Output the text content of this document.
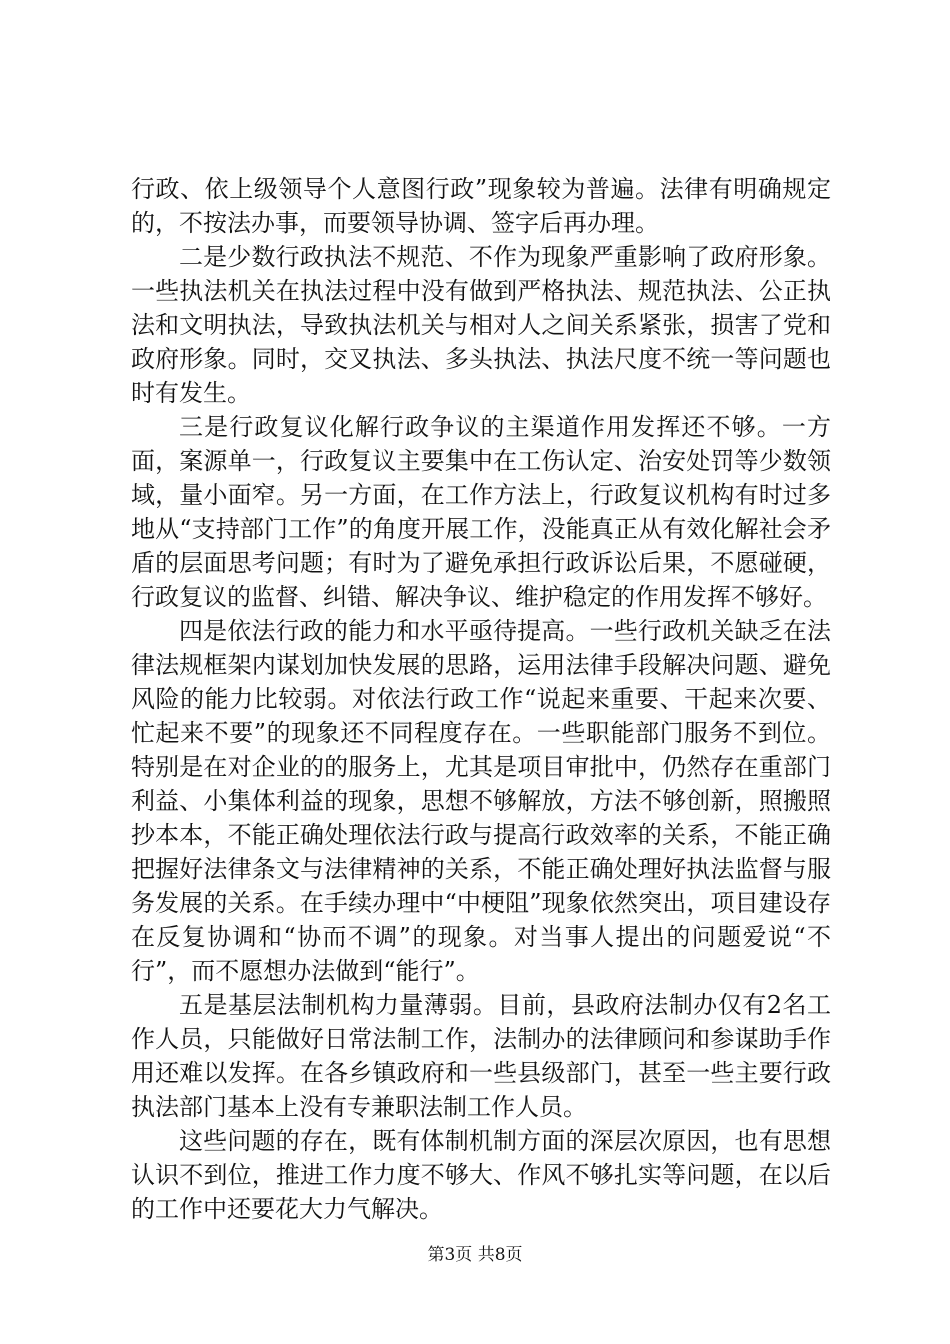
行政、依上级领导个人意图行政”现象较为普遍。法律有明确规定的，不按法办事，而要领导协调、签字后再办理。

二是少数行政执法不规范、不作为现象严重影响了政府形象。一些执法机关在执法过程中没有做到严格执法、规范执法、公正执法和文明执法，导致执法机关与相对人之间关系紧张，损害了党和政府形象。同时，交叉执法、多头执法、执法尺度不统一等问题也时有发生。

三是行政复议化解行政争议的主渠道作用发挥还不够。一方面，案源单一，行政复议主要集中在工伤认定、治安处罚等少数领域，量小面窄。另一方面，在工作方法上，行政复议机构有时过多地从“支持部门工作”的角度开展工作，没能真正从有效化解社会矛盾的层面思考问题；有时为了避免承担行政诉讼后果，不愿碰硬，行政复议的监督、纠错、解决争议、维护稳定的作用发挥不够好。

四是依法行政的能力和水平亟待提高。一些行政机关缺乏在法律法规框架内谋划加快发展的思路，运用法律手段解决问题、避免风险的能力比较弱。对依法行政工作“说起来重要、干起来次要、忙起来不要”的现象还不同程度存在。一些职能部门服务不到位。特别是在对企业的的服务上，尤其是项目审批中，仍然存在重部门利益、小集体利益的现象，思想不够解放，方法不够创新，照搬照抄本本，不能正确处理依法行政与提高行政效率的关系，不能正确把握好法律条文与法律精神的关系，不能正确处理好执法监督与服务发展的关系。在手续办理中“中梗阻”现象依然突出，项目建设存在反复协调和“协而不调”的现象。对当事人提出的问题爱说“不行”，而不愿想办法做到“能行”。

五是基层法制机构力量薄弱。目前，县政府法制办仅有2名工作人员，只能做好日常法制工作，法制办的法律顾问和参谋助手作用还难以发挥。在各乡镇政府和一些县级部门，甚至一些主要行政执法部门基本上没有专兼职法制工作人员。

这些问题的存在，既有体制机制方面的深层次原因，也有思想认识不到位，推进工作力度不够大、作风不够扎实等问题，在以后的工作中还要花大力气解决。

第3页 共8页
